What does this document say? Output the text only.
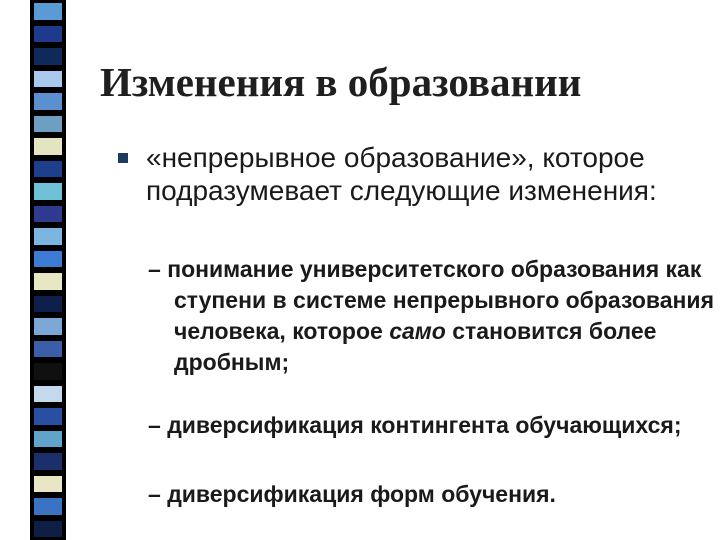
Изменения в образовании

«непрерывное образование», которое подразумевает следующие изменения:

– понимание университетского образования как ступени в системе непрерывного образования человека, которое само становится более дробным;

– диверсификация контингента обучающихся;

– диверсификация форм обучения.
